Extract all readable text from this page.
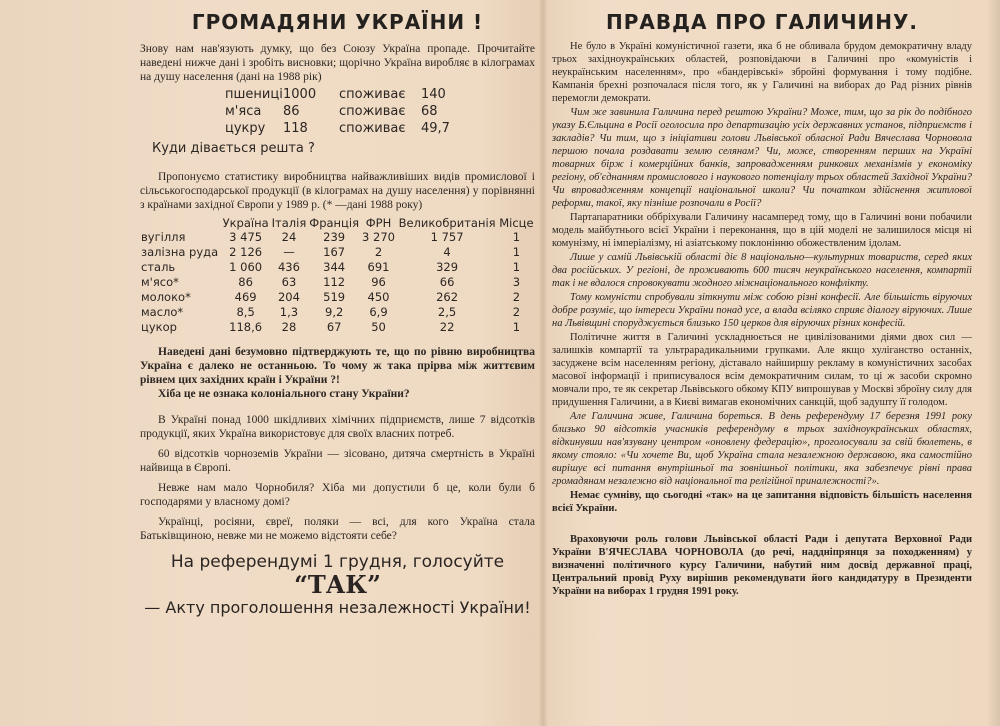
ГРОМАДЯНИ УКРАЇНИ !

Знову нам нав'язують думку, що без Союзу Україна пропаде. Прочитайте наведені нижче дані і зробіть висновки; щорічно Україна виробляє в кілограмах на душу населення (дані на 1988 рік)

пшениці1000 споживає 140
м'яса 86	споживає 68
цукру 118 споживає 49,7
Куди дівається решта ?

Пропонуємо статистику виробництва найважливіших видів промислової і сільськогосподарської продукції (в кілограмах на душу населення) у порівнянні з країнами західної Європи у 1989 р. (* —дані 1988 року)

	Україна	Італія	Франція	ФРН	Великобританія	Місце
вугілля	3 475	24	239	3 270	1 757	1
залізна руда	2 126	—	167	2	4	1
сталь	1 060	436	344	691	329	1
м'ясо*	86	63	112	96	66	3
молоко*	469	204	519	450	262	2
масло*	8,5	1,3	9,2	6,9	2,5	2
цукор	118,6	28	67	50	22	1

Наведені дані безумовно підтверджують те, що по рівню виробництва Україна є далеко не останньою. То чому ж така прірва між життєвим рівнем цих західних країн і України ?!

Хіба це не ознака колоніального стану України?

В Україні понад 1000 шкідливих хімічних підприємств, лише 7 відсотків продукції, яких Україна використовує для своїх власних потреб.

60 відсотків чорноземів України — зісовано, дитяча смертність в Україні найвища в Європі.

Невже нам мало Чорнобиля? Хіба ми допустили б це, коли були б господарями у власному домі?

Українці, росіяни, євреї, поляки — всі, для кого Україна стала Батьківщиною, невже ми не можемо відстояти себе?

На референдумі 1 грудня, голосуйте
“ТАК”
— Акту проголошення незалежності України!

ПРАВДА ПРО ГАЛИЧИНУ.

Не було в Україні комуністичної газети, яка б не обливала брудом демократичну владу трьох західноукраїнських областей, розповідаючи в Галичині про «комуністів і неукраїнським населенням», про «бандерівські» збройні формування і тому подібне. Кампанія брехні розпочалася після того, як у Галичині на виборах до Рад різних рівнів перемогли демократи.

Чим же завинила Галичина перед рештою України? Може, тим, що за рік до подібного указу Б.Єльцина в Росії оголосила про департизацію усіх державних установ, підприємств і закладів? Чи тим, що з ініціативи голови Львівської обласної Ради Вячеслава Чорновола першою почала роздавати землю селянам? Чи, може, створенням перших на Україні товарних бірж і комерційних банків, запровадженням ринкових механізмів у економіку регіону, об'єднанням промислового і наукового потенціалу трьох областей Західної України? Чи впровадженням концепції національної школи? Чи початком здійснення житлової реформи, такої, яку пізніше розпочали в Росії?

Партапаратники оббріхували Галичину насамперед тому, що в Галичині вони побачили модель майбутнього всієї України і переконання, що в цій моделі не залишилося місця ні комунізму, ні імперіалізму, ні азіатському поклонінню обожествленим ідолам.

Лише у самій Львівській області діє 8 національно—культурних товариств, серед яких два російських. У регіоні, де проживають 600 тисяч неукраїнського населення, компартії так і не вдалося спровокувати жодного міжнаціонального конфлікту.

Тому комуністи спробували зіткнути між собою різні конфесії. Але більшість віруючих добре розуміє, що інтереси України понад усе, а влада всіляко сприяє діалогу віруючих. Лише на Львівщині споруджується близько 150 церков для віруючих різних конфесій.

Політичне життя в Галичині ускладнюється не цивілізованими діями двох сил — залишків компартії та ультрарадикальними групками. Але якщо хуліганство останніх, засуджене всім населенням регіону, діставало найширшу рекламу в комуністичних засобах масової інформації і приписувалося всім демократичним силам, то ці ж засоби скромно мовчали про, те як секретар Львівського обкому КПУ випрошував у Москві зброїну силу для придушення Галичини, а в Києві вимагав економічних санкцій, щоб задушту її голодом.

Але Галичина живе, Галичина бореться. В день референдуму 17 березня 1991 року близько 90 відсотків учасників референдуму в трьох західноукраїнських областях, відкинувши нав'язувану центром «оновлену федерацію», проголосували за свій бюлетень, в якому стояло: «Чи хочете Ви, щоб Україна стала незалежною державою, яка самостійно вирішує всі питання внутрішньої та зовнішньої політики, яка забезпечує рівні права громадянам незалежно від національної та релігійної приналежності?».

Немає сумніву, що сьогодні «так» на це запитання відповість більшість населення всієї України.

Враховуючи роль голови Львівської області Ради і депутата Верховної Ради України В'ЯЧЕСЛАВА ЧОРНОВОЛА (до речі, наддніпрянця за походженням) у визначенні політичного курсу Галичини, набутий ним досвід державної праці, Центральний провід Руху вирішив рекомендувати його кандидатуру в Президенти України на виборах 1 грудня 1991 року.
